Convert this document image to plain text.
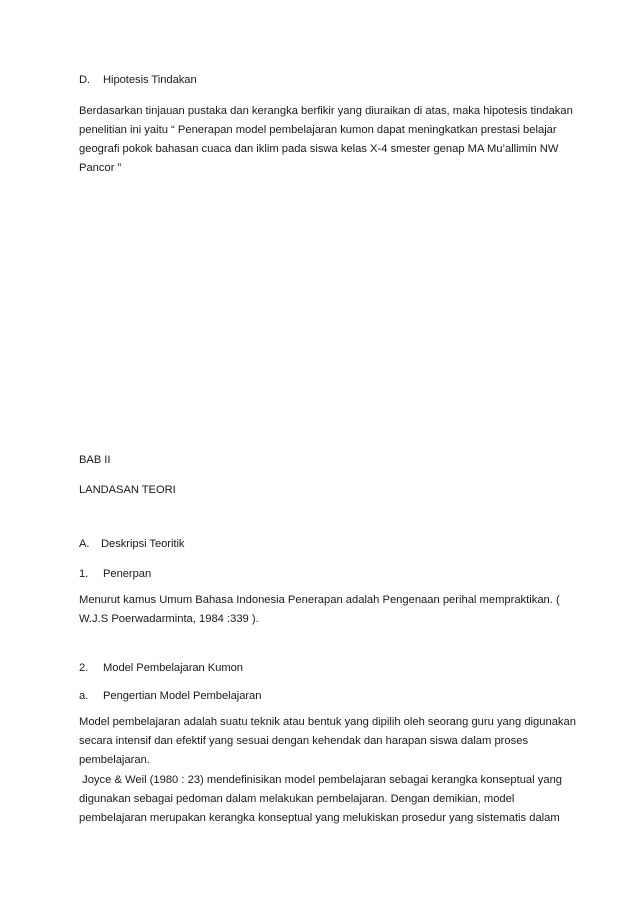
D. Hipotesis Tindakan
Berdasarkan tinjauan pustaka dan kerangka berfikir yang diuraikan di atas, maka hipotesis tindakan
penelitian ini yaitu “ Penerapan model pembelajaran kumon dapat meningkatkan prestasi belajar
geografi pokok bahasan cuaca dan iklim pada siswa kelas X-4 smester genap MA Mu’allimin NW
Pancor ”
BAB II
LANDASAN TEORI
A. Deskripsi Teoritik
1. Penerpan
Menurut kamus Umum Bahasa Indonesia Penerapan adalah Pengenaan perihal mempraktikan. (
W.J.S Poerwadarminta, 1984 :339 ).
2. Model Pembelajaran Kumon
a. Pengertian Model Pembelajaran
Model pembelajaran adalah suatu teknik atau bentuk yang dipilih oleh seorang guru yang digunakan
secara intensif dan efektif yang sesuai dengan kehendak dan harapan siswa dalam proses
pembelajaran.
Joyce & Weil (1980 : 23) mendefinisikan model pembelajaran sebagai kerangka konseptual yang
digunakan sebagai pedoman dalam melakukan pembelajaran. Dengan demikian, model
pembelajaran merupakan kerangka konseptual yang melukiskan prosedur yang sistematis dalam
